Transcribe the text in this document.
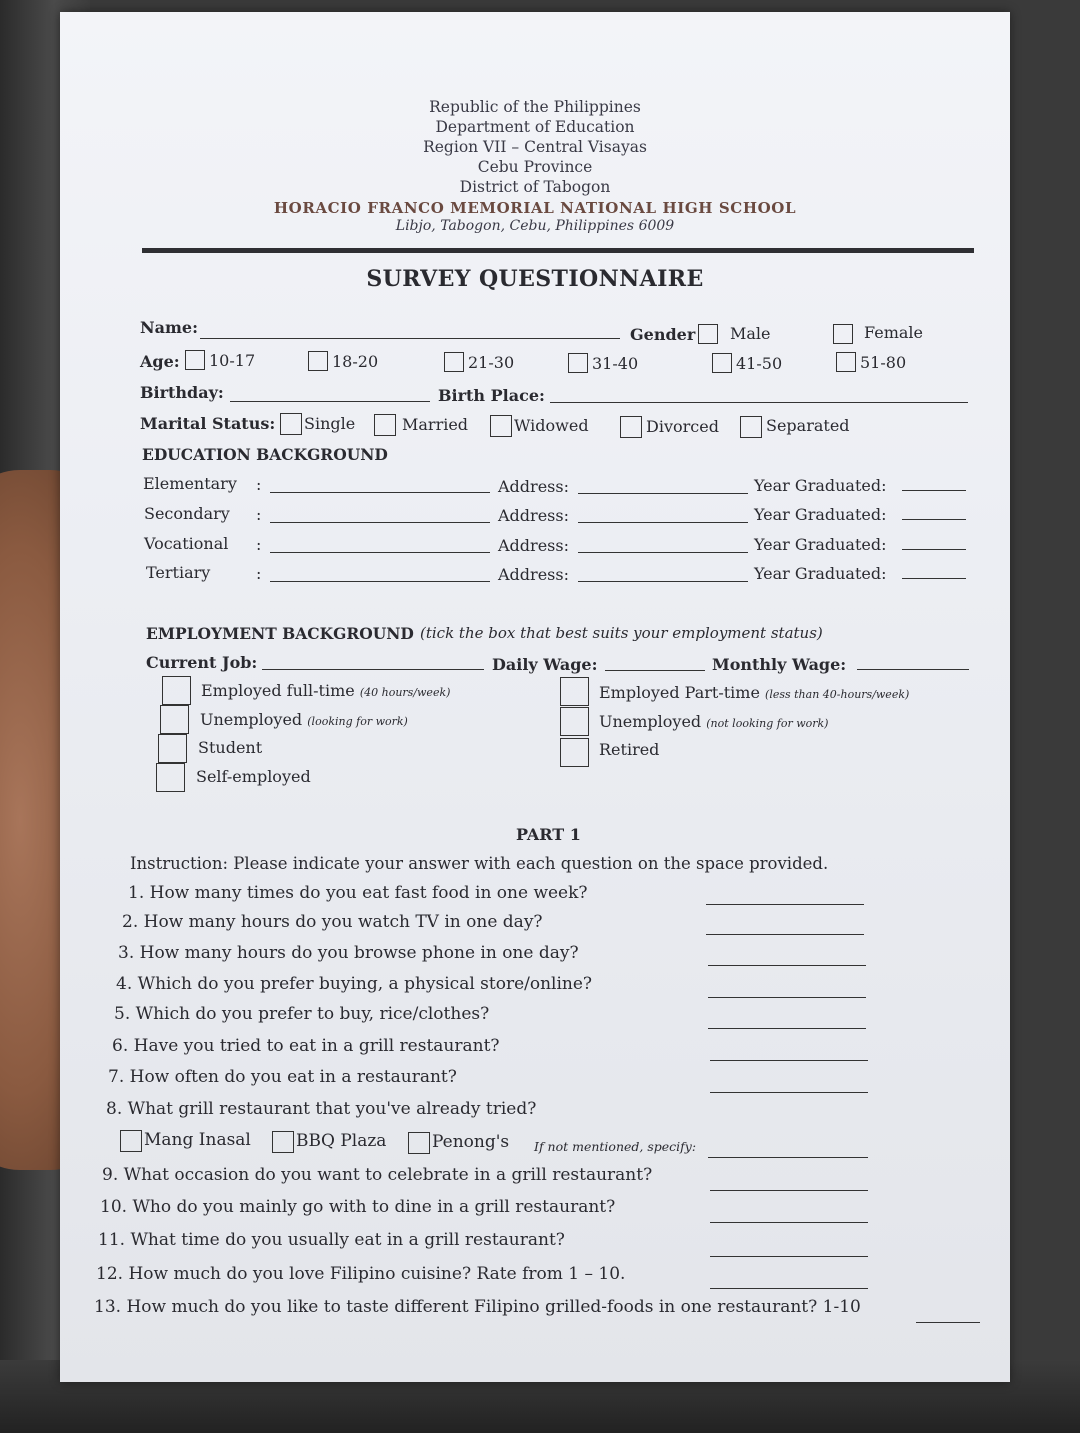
Republic of the Philippines
Department of Education
Region VII – Central Visayas
Cebu Province
District of Tabogon
HORACIO FRANCO MEMORIAL NATIONAL HIGH SCHOOL
Libjo, Tabogon, Cebu, Philippines 6009
SURVEY QUESTIONNAIRE
Name:	Gender Male	Female
Age: 10-17	18-20	21-30	31-40	41-50	51-80
Birthday:	Birth Place:
Marital Status: Single	Married	Widowed	Divorced	Separated
EDUCATION BACKGROUND
Elementary :	Address:	Year Graduated:
Secondary :	Address:	Year Graduated:
Vocational :	Address:	Year Graduated:
Tertiary	:	Address:	Year Graduated:
EMPLOYMENT BACKGROUND (tick the box that best suits your employment status)
Current Job:	Daily Wage:	Monthly Wage:
Employed full-time (40 hours/week)
Unemployed (looking for work)
Student
Self-employed
Employed Part-time (less than 40-hours/week)
Unemployed (not looking for work)
Retired
PART 1
Instruction: Please indicate your answer with each question on the space provided.
1. How many times do you eat fast food in one week?
2. How many hours do you watch TV in one day?
3. How many hours do you browse phone in one day?
4. Which do you prefer buying, a physical store/online?
5. Which do you prefer to buy, rice/clothes?
6. Have you tried to eat in a grill restaurant?
7. How often do you eat in a restaurant?
8. What grill restaurant that you've already tried?
Mang Inasal	BBQ Plaza	Penong's If not mentioned, specify:
9. What occasion do you want to celebrate in a grill restaurant?
10. Who do you mainly go with to dine in a grill restaurant?
11. What time do you usually eat in a grill restaurant?
12. How much do you love Filipino cuisine? Rate from 1 – 10.
13. How much do you like to taste different Filipino grilled-foods in one restaurant? 1-10
